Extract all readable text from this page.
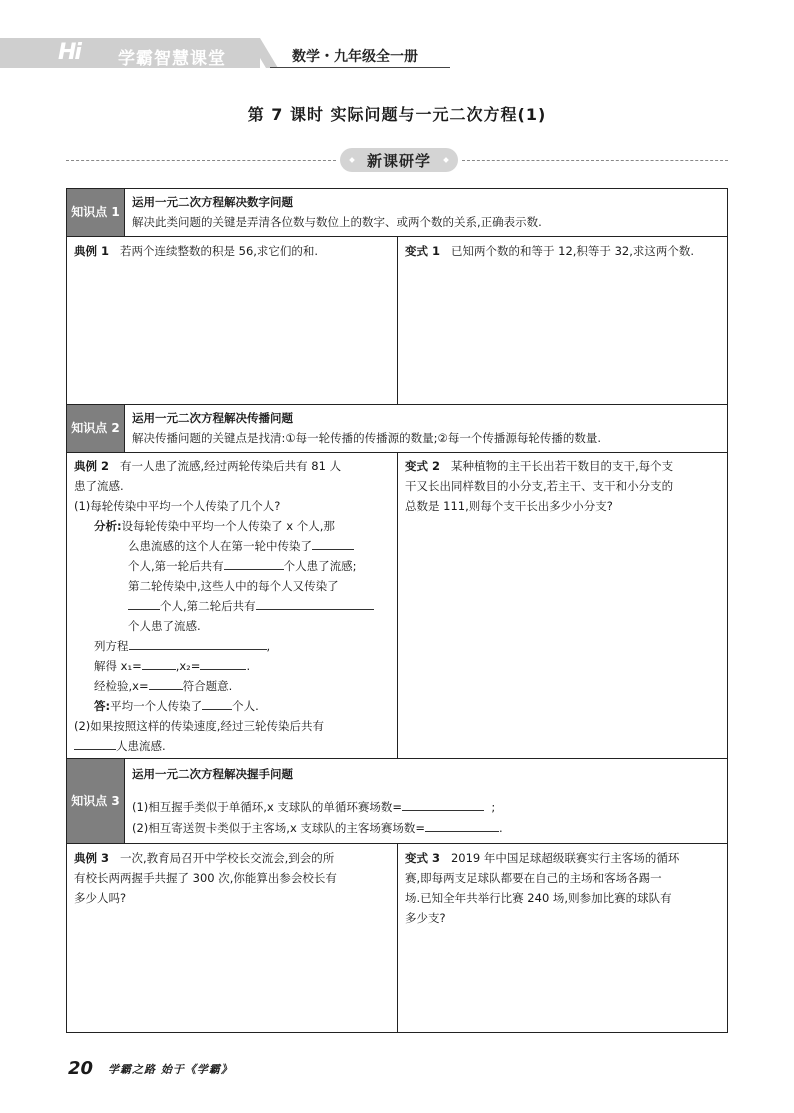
Hi 学霸智慧课堂	数学・九年级全一册
第 7 课时 实际问题与一元二次方程(1)
新课研学
知识点 1
运用一元二次方程解决数字问题
解决此类问题的关键是弄清各位数与数位上的数字、或两个数的关系,正确表示数.
典例 1 若两个连续整数的积是 56,求它们的和.	变式 1 已知两个数的和等于 12,积等于 32,求这两个数.
知识点 2
运用一元二次方程解决传播问题
解决传播问题的关键点是找清:①每一轮传播的传播源的数量;②每一个传播源每轮传播的数量.
典例 2 有一人患了流感,经过两轮传染后共有 81 人
患了流感.
(1)每轮传染中平均一个人传染了几个人?
分析:设每轮传染中平均一个人传染了 x 个人,那
么患流感的这个人在第一轮中传染了
个人,第一轮后共有	个人患了流感;
第二轮传染中,这些人中的每个人又传染了
个人,第二轮后共有
个人患了流感.
列方程	,
解得 x₁=	,x₂=	.
经检验,x=	符合题意.
答:平均一个人传染了	个人.
(2)如果按照这样的传染速度,经过三轮传染后共有
人患流感.
变式 2 某种植物的主干长出若干数目的支干,每个支
干又长出同样数目的小分支,若主干、支干和小分支的
总数是 111,则每个支干长出多少小分支?
知识点 3
运用一元二次方程解决握手问题
(1)相互握手类似于单循环,x 支球队的单循环赛场数=	;
(2)相互寄送贺卡类似于主客场,x 支球队的主客场赛场数=	.
典例 3 一次,教育局召开中学校长交流会,到会的所
有校长两两握手共握了 300 次,你能算出参会校长有
多少人吗?
变式 3 2019 年中国足球超级联赛实行主客场的循环
赛,即每两支足球队都要在自己的主场和客场各踢一
场.已知全年共举行比赛 240 场,则参加比赛的球队有
多少支?
20 学霸之路 始于《学霸》
